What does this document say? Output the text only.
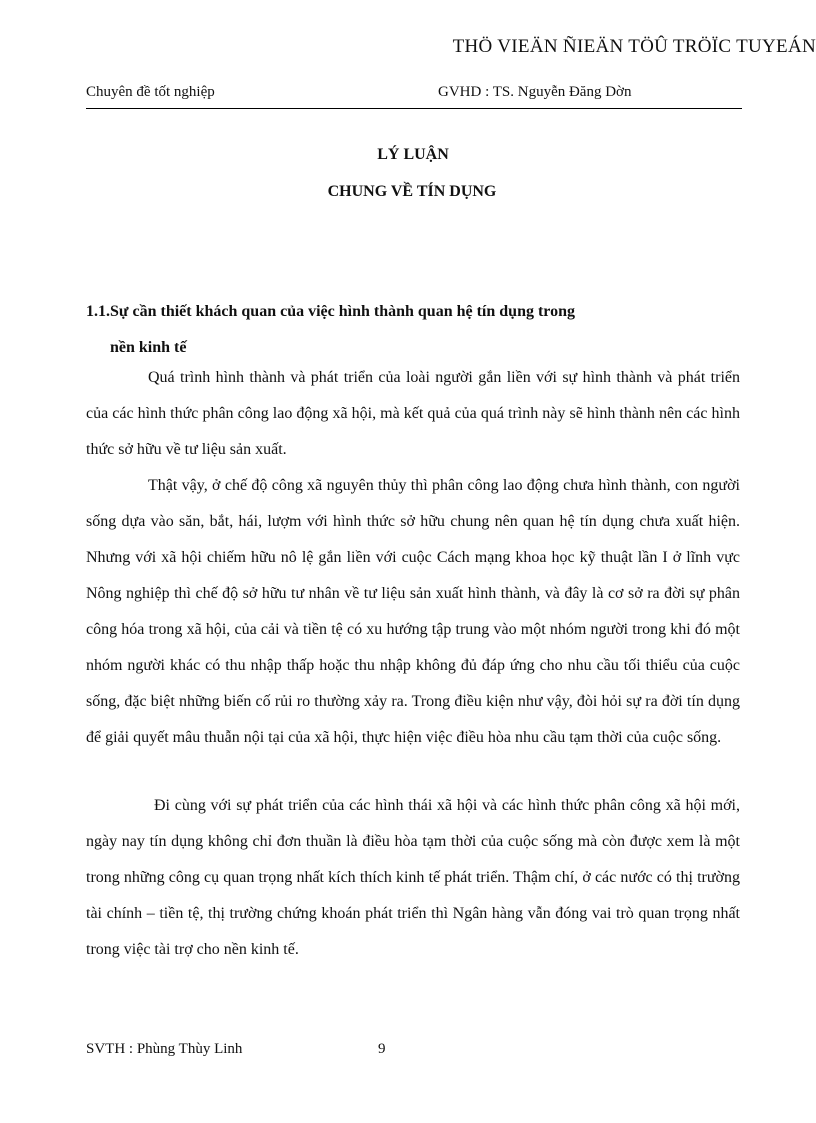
THÖ VIEÄN ÑIEÄN TÖÛ TRÖÏC TUYEÁN
Chuyên đề tốt nghiệp	GVHD : TS. Nguyễn Đăng Dờn
LÝ LUẬN
CHUNG VỀ TÍN DỤNG
1.1.Sự cần thiết khách quan của việc hình thành quan hệ tín dụng trong
nền kinh tế
Quá trình hình thành và phát triển của loài người gắn liền với sự hình thành và phát triển của các hình thức phân công lao động xã hội, mà kết quả của quá trình này sẽ hình thành nên các hình thức sở hữu về tư liệu sản xuất.
Thật vậy, ở chế độ công xã nguyên thủy thì phân công lao động chưa hình thành, con người sống dựa vào săn, bắt, hái, lượm với hình thức sở hữu chung nên quan hệ tín dụng chưa xuất hiện. Nhưng với xã hội chiếm hữu nô lệ gắn liền với cuộc Cách mạng khoa học kỹ thuật lần I ở lĩnh vực Nông nghiệp thì chế độ sở hữu tư nhân về tư liệu sản xuất hình thành, và đây là cơ sở ra đời sự phân công hóa trong xã hội, của cải và tiền tệ có xu hướng tập trung vào một nhóm người trong khi đó một nhóm người khác có thu nhập thấp hoặc thu nhập không đủ đáp ứng cho nhu cầu tối thiểu của cuộc sống, đặc biệt những biến cố rủi ro thường xảy ra. Trong điều kiện như vậy, đòi hỏi sự ra đời tín dụng để giải quyết mâu thuẫn nội tại của xã hội, thực hiện việc điều hòa nhu cầu tạm thời của cuộc sống.
Đi cùng với sự phát triển của các hình thái xã hội và các hình thức phân công xã hội mới, ngày nay tín dụng không chỉ đơn thuần là điều hòa tạm thời của cuộc sống mà còn được xem là một trong những công cụ quan trọng nhất kích thích kinh tế phát triển. Thậm chí, ở các nước có thị trường tài chính – tiền tệ, thị trường chứng khoán phát triển thì Ngân hàng vẫn đóng vai trò quan trọng nhất trong việc tài trợ cho nền kinh tế.
SVTH : Phùng Thùy Linh	9
